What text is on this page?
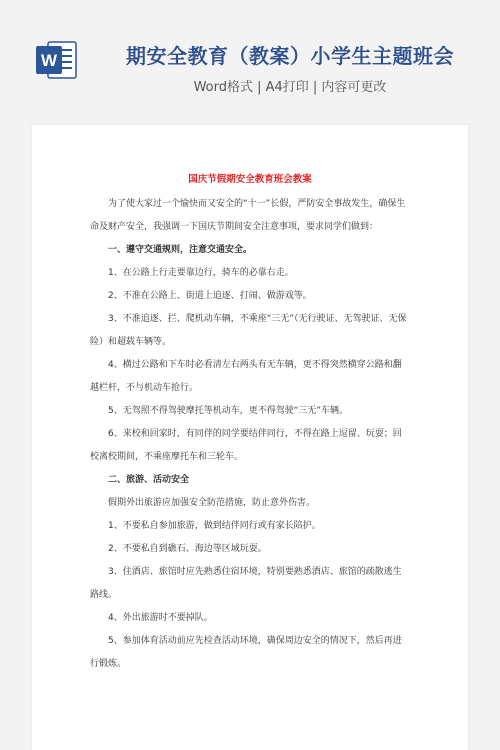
W	期安全教育（教案）小学生主题班会
Word格式 | A4打印 | 内容可更改
国庆节假期安全教育班会教案

为了使大家过一个愉快而又安全的“十一”长假，严防安全事故发生，确保生命及财产安全，我强调一下国庆节期间安全注意事项，要求同学们做到：

一、遵守交通规则，注意交通安全。

1、在公路上行走要靠边行，骑车的必靠右走。

2、不准在公路上、街道上追逐、打闹、做游戏等。

3、不准追逐、拦、爬机动车辆，不乘座“三无”（无行驶证、无驾驶证、无保险）和超载车辆等。

4、横过公路和下车时必看清左右两头有无车辆，更不得突然横穿公路和翻越栏杆，不与机动车抢行。

5、无驾照不得驾驶摩托等机动车，更不得驾驶“三无”车辆。

6、来校和回家时，有同伴的同学要结伴同行，不得在路上逗留、玩耍；回校离校期间，不乘座摩托车和三轮车。

二、旅游、活动安全

假期外出旅游应加强安全防范措施，防止意外伤害。

1、不要私自参加旅游，做到结伴同行或有家长陪护。

2、不要私自到礁石、海边等区域玩耍。

3、住酒店、旅馆时应先熟悉住宿环境，特别要熟悉酒店、旅馆的疏散逃生路线。

4、外出旅游时不要掉队。

5、参加体育活动前应先检查活动环境，确保周边安全的情况下，然后再进行锻炼。
